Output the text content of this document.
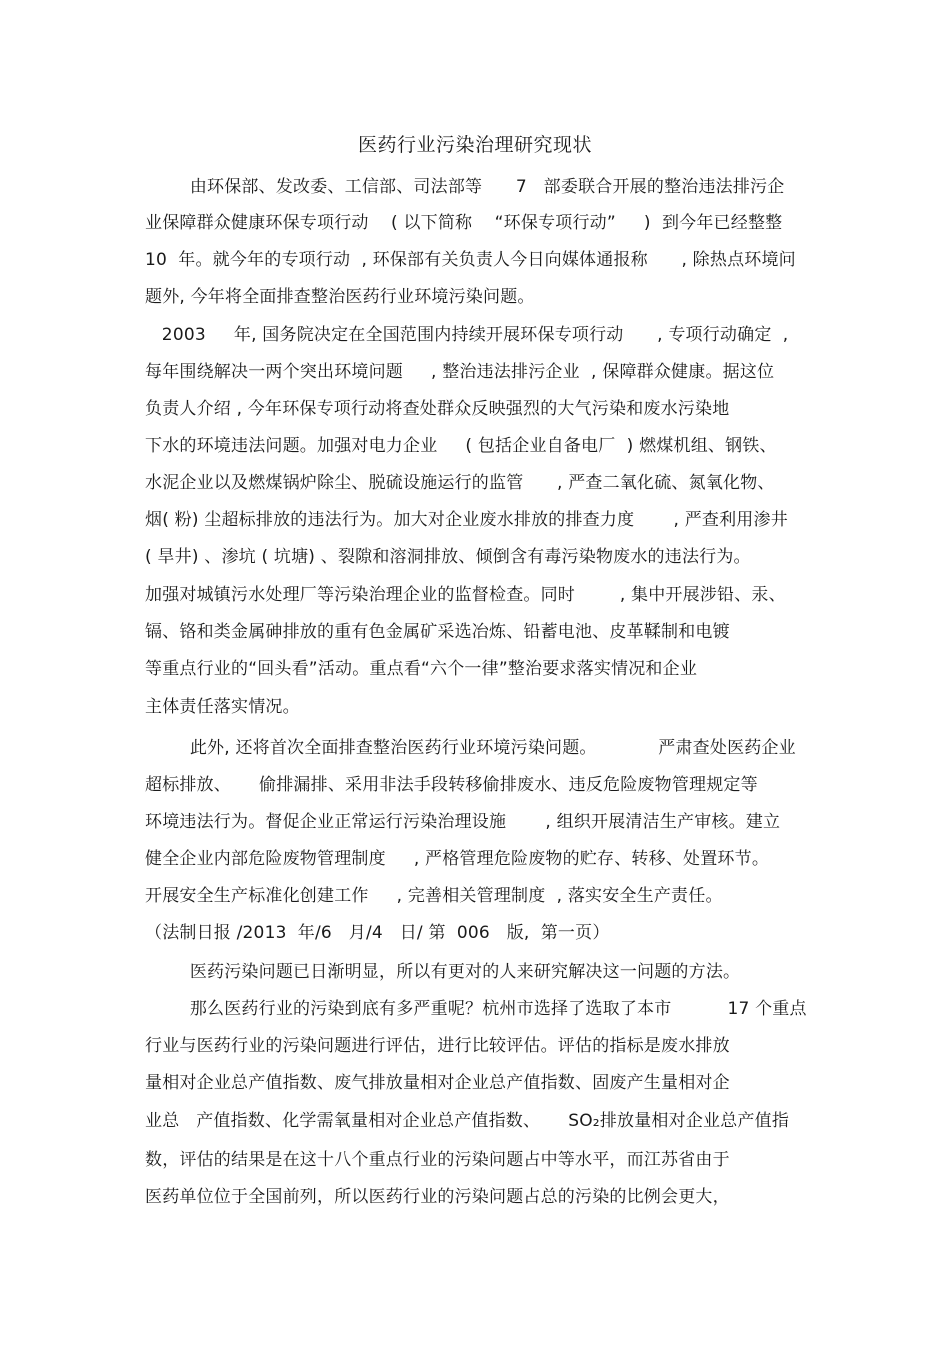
医药行业污染治理研究现状
由环保部、发改委、工信部、司法部等      7   部委联合开展的整治违法排污企
业保障群众健康环保专项行动    ( 以下简称    “环保专项行动”     )  到今年已经整整
10  年。就今年的专项行动  , 环保部有关负责人今日向媒体通报称      , 除热点环境问
题外, 今年将全面排查整治医药行业环境污染问题。
2003     年, 国务院决定在全国范围内持续开展环保专项行动      , 专项行动确定  ,
每年围绕解决一两个突出环境问题     , 整治违法排污企业  , 保障群众健康。据这位
负责人介绍 , 今年环保专项行动将查处群众反映强烈的大气污染和废水污染地
下水的环境违法问题。加强对电力企业     ( 包括企业自备电厂  ) 燃煤机组、钢铁、
水泥企业以及燃煤锅炉除尘、脱硫设施运行的监管      , 严查二氧化硫、氮氧化物、
烟( 粉) 尘超标排放的违法行为。加大对企业废水排放的排查力度       , 严查利用渗井
( 旱井) 、渗坑 ( 坑塘) 、裂隙和溶洞排放、倾倒含有毒污染物废水的违法行为。
加强对城镇污水处理厂等污染治理企业的监督检查。同时        , 集中开展涉铅、汞、
镉、铬和类金属砷排放的重有色金属矿采选冶炼、铅蓄电池、皮革鞣制和电镀
等重点行业的“回头看”活动。重点看“六个一律”整治要求落实情况和企业
主体责任落实情况。
此外, 还将首次全面排查整治医药行业环境污染问题。           严肃查处医药企业
超标排放、     偷排漏排、采用非法手段转移偷排废水、违反危险废物管理规定等
环境违法行为。督促企业正常运行污染治理设施       , 组织开展清洁生产审核。建立
健全企业内部危险废物管理制度     , 严格管理危险废物的贮存、转移、处置环节。
开展安全生产标准化创建工作     , 完善相关管理制度  , 落实安全生产责任。
（法制日报 /2013  年/6   月/4   日/ 第  006   版,  第一页）
医药污染问题已日渐明显，所以有更对的人来研究解决这一问题的方法。
那么医药行业的污染到底有多严重呢？杭州市选择了选取了本市          17 个重点
行业与医药行业的污染问题进行评估，进行比较评估。评估的指标是废水排放
量相对企业总产值指数、废气排放量相对企业总产值指数、固废产生量相对企
业总   产值指数、化学需氧量相对企业总产值指数、     SO₂排放量相对企业总产值指
数，评估的结果是在这十八个重点行业的污染问题占中等水平，而江苏省由于
医药单位位于全国前列，所以医药行业的污染问题占总的污染的比例会更大，
